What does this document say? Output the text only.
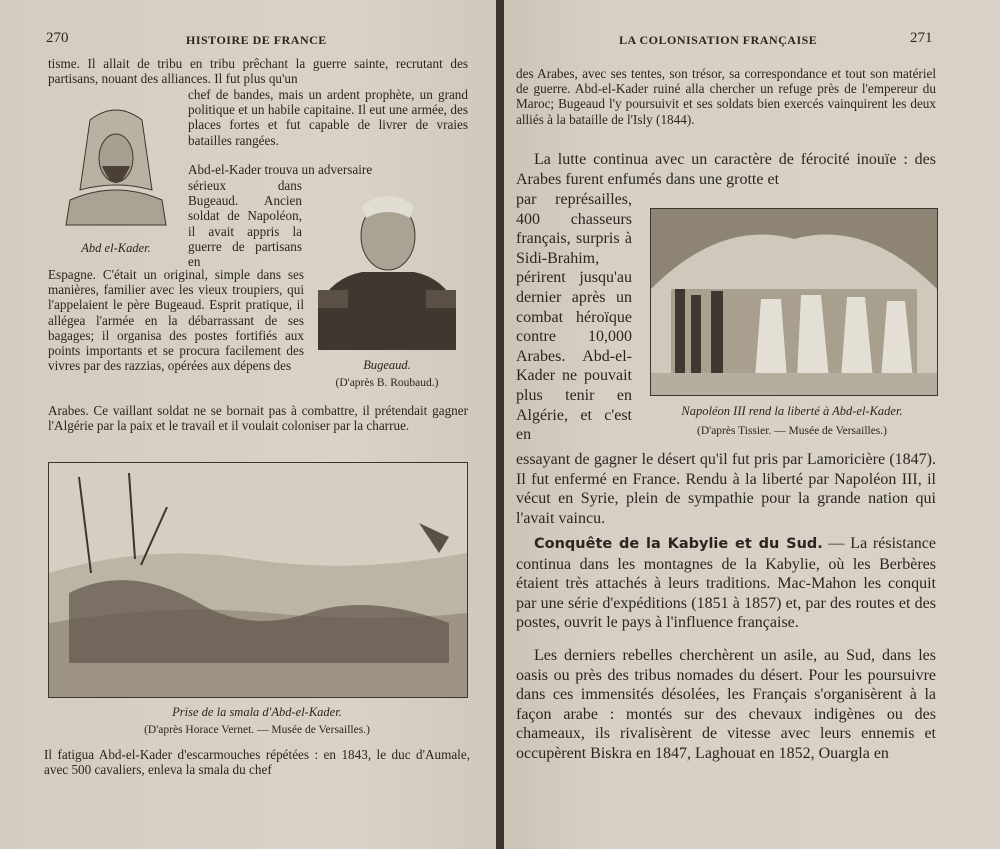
270	HISTOIRE DE FRANCE

tisme. Il allait de tribu en tribu prêchant la guerre sainte, recrutant des partisans, nouant des alliances. Il fut plus qu'un

chef de bandes, mais un ardent prophète, un grand politique et un habile capitaine. Il eut une armée, des places fortes et fut capable de livrer de vraies batailles rangées.

Abd el-Kader.

Abd-el-Kader trouva un adversaire

sérieux dans Bugeaud. Ancien soldat de Napoléon, il avait appris la guerre de partisans en

Bugeaud.
(D'après B. Roubaud.)

Espagne. C'était un original, simple dans ses manières, familier avec les vieux troupiers, qui l'appelaient le père Bugeaud. Esprit pratique, il allégea l'armée en la débarrassant de ses bagages; il organisa des postes fortifiés aux points importants et se procura facilement des vivres par des razzias, opérées aux dépens des

Arabes. Ce vaillant soldat ne se bornait pas à combattre, il prétendait gagner l'Algérie par la paix et le travail et il voulait coloniser par la charrue.

Prise de la smala d'Abd-el-Kader.
(D'après Horace Vernet. — Musée de Versailles.)

Il fatigua Abd-el-Kader d'escarmouches répétées : en 1843, le duc d'Aumale, avec 500 cavaliers, enleva la smala du chef

LA COLONISATION FRANÇAISE	271

des Arabes, avec ses tentes, son trésor, sa correspondance et tout son matériel de guerre. Abd-el-Kader ruiné alla chercher un refuge près de l'empereur du Maroc; Bugeaud l'y poursuivit et ses soldats bien exercés vainquirent les deux alliés à la bataille de l'Isly (1844).

La lutte continua avec un caractère de férocité inouïe : des Arabes furent enfumés dans une grotte et

par représailles, 400 chasseurs français, surpris à Sidi-Brahim, périrent jusqu'au dernier après un combat héroïque contre 10,000 Arabes. Abd-el-Kader ne pouvait plus tenir en Algérie, et c'est en

Napoléon III rend la liberté à Abd-el-Kader.
(D'après Tissier. — Musée de Versailles.)

essayant de gagner le désert qu'il fut pris par Lamoricière (1847). Il fut enfermé en France. Rendu à la liberté par Napoléon III, il vécut en Syrie, plein de sympathie pour la grande nation qui l'avait vaincu.

Conquête de la Kabylie et du Sud. — La résistance continua dans les montagnes de la Kabylie, où les Berbères étaient très attachés à leurs traditions. Mac-Mahon les conquit par une série d'expéditions (1851 à 1857) et, par des routes et des postes, ouvrit le pays à l'influence française.

Les derniers rebelles cherchèrent un asile, au Sud, dans les oasis ou près des tribus nomades du désert. Pour les poursuivre dans ces immensités désolées, les Français s'organisèrent à la façon arabe : montés sur des chevaux indigènes ou des chameaux, ils rivalisèrent de vitesse avec leurs ennemis et occupèrent Biskra en 1847, Laghouat en 1852, Ouargla en
